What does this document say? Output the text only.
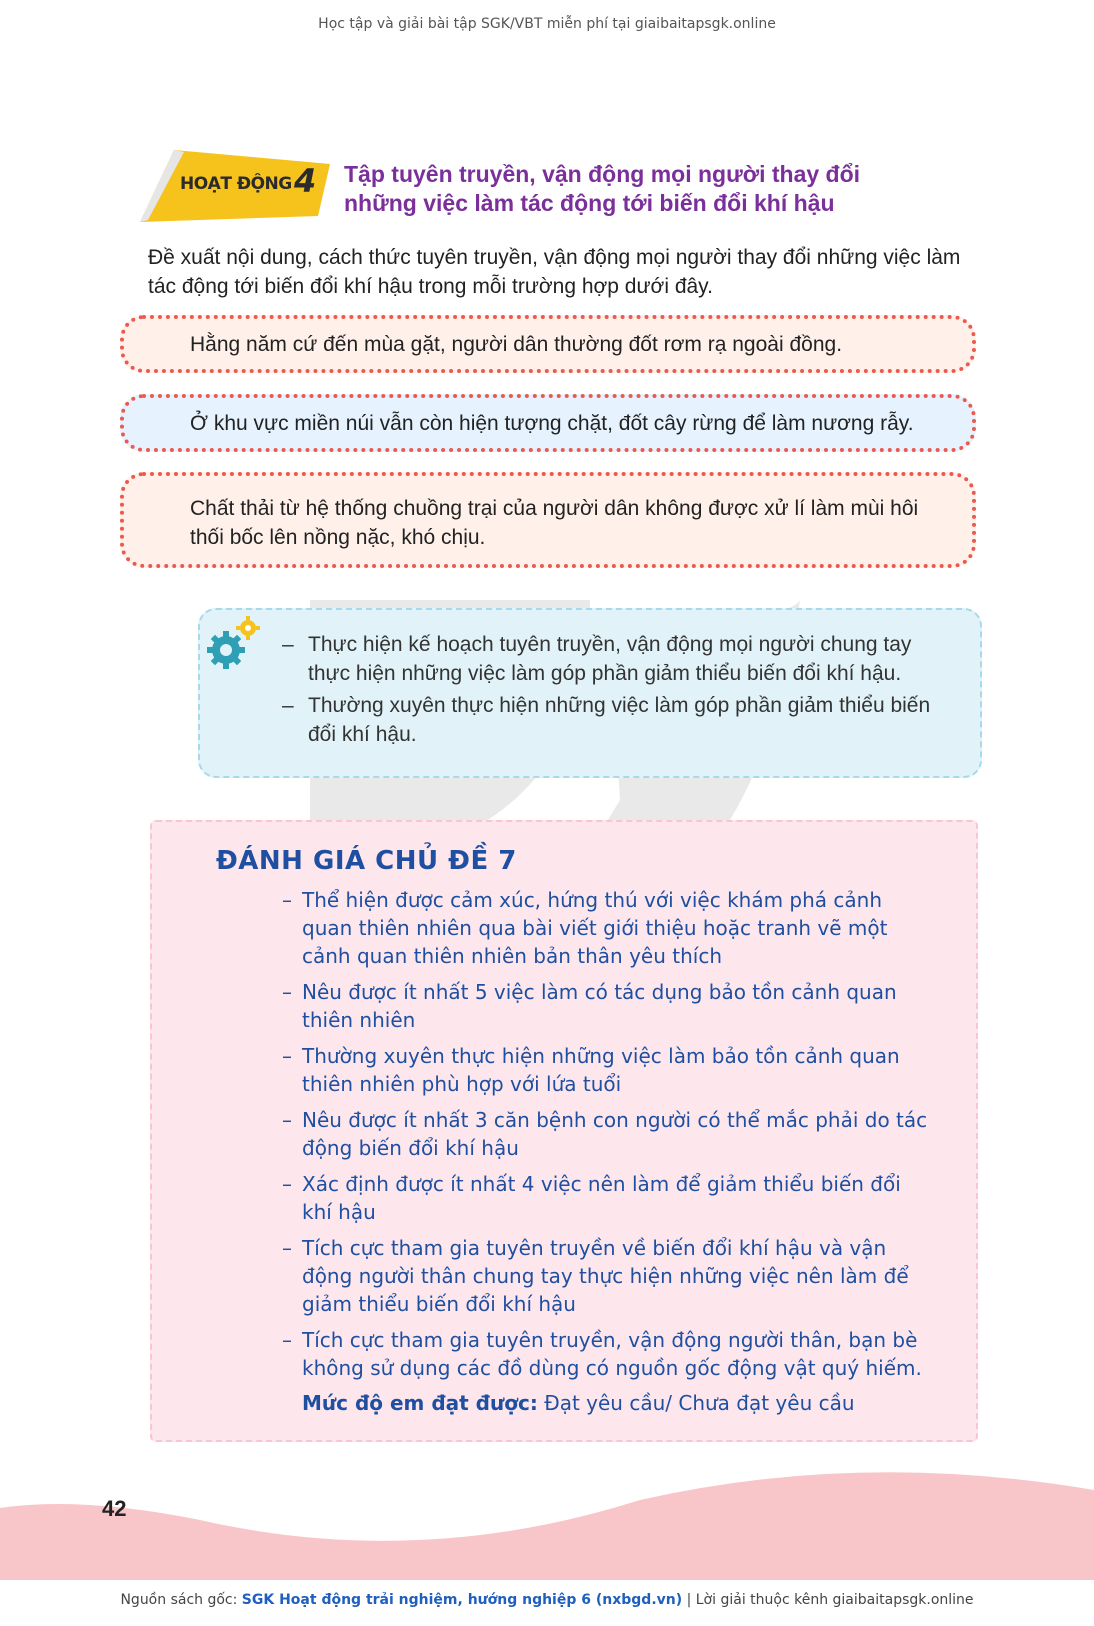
Học tập và giải bài tập SGK/VBT miễn phí tại giaibaitapsgk.online
HOẠT ĐỘNG 4 Tập tuyên truyền, vận động mọi người thay đổi
những việc làm tác động tới biến đổi khí hậu
Đề xuất nội dung, cách thức tuyên truyền, vận động mọi người thay đổi những việc làm
tác động tới biến đổi khí hậu trong mỗi trường hợp dưới đây.
Hằng năm cứ đến mùa gặt, người dân thường đốt rơm rạ ngoài đồng.
Ở khu vực miền núi vẫn còn hiện tượng chặt, đốt cây rừng để làm nương rẫy.
Chất thải từ hệ thống chuồng trại của người dân không được xử lí làm mùi hôi thối bốc lên nồng nặc, khó chịu.
– Thực hiện kế hoạch tuyên truyền, vận động mọi người chung tay thực hiện những việc làm góp phần giảm thiểu biến đổi khí hậu.
– Thường xuyên thực hiện những việc làm góp phần giảm thiểu biến đổi khí hậu.
ĐÁNH GIÁ CHỦ ĐỀ 7
– Thể hiện được cảm xúc, hứng thú với việc khám phá cảnh quan thiên nhiên qua bài viết giới thiệu hoặc tranh vẽ một cảnh quan thiên nhiên bản thân yêu thích
– Nêu được ít nhất 5 việc làm có tác dụng bảo tồn cảnh quan thiên nhiên
– Thường xuyên thực hiện những việc làm bảo tồn cảnh quan thiên nhiên phù hợp với lứa tuổi
– Nêu được ít nhất 3 căn bệnh con người có thể mắc phải do tác động biến đổi khí hậu
– Xác định được ít nhất 4 việc nên làm để giảm thiểu biến đổi khí hậu
– Tích cực tham gia tuyên truyền về biến đổi khí hậu và vận động người thân chung tay thực hiện những việc nên làm để giảm thiểu biến đổi khí hậu
– Tích cực tham gia tuyên truyền, vận động người thân, bạn bè không sử dụng các đồ dùng có nguồn gốc động vật quý hiếm.
Mức độ em đạt được: Đạt yêu cầu/ Chưa đạt yêu cầu
42
Nguồn sách gốc: SGK Hoạt động trải nghiệm, hướng nghiệp 6 (nxbgd.vn) | Lời giải thuộc kênh giaibaitapsgk.online
